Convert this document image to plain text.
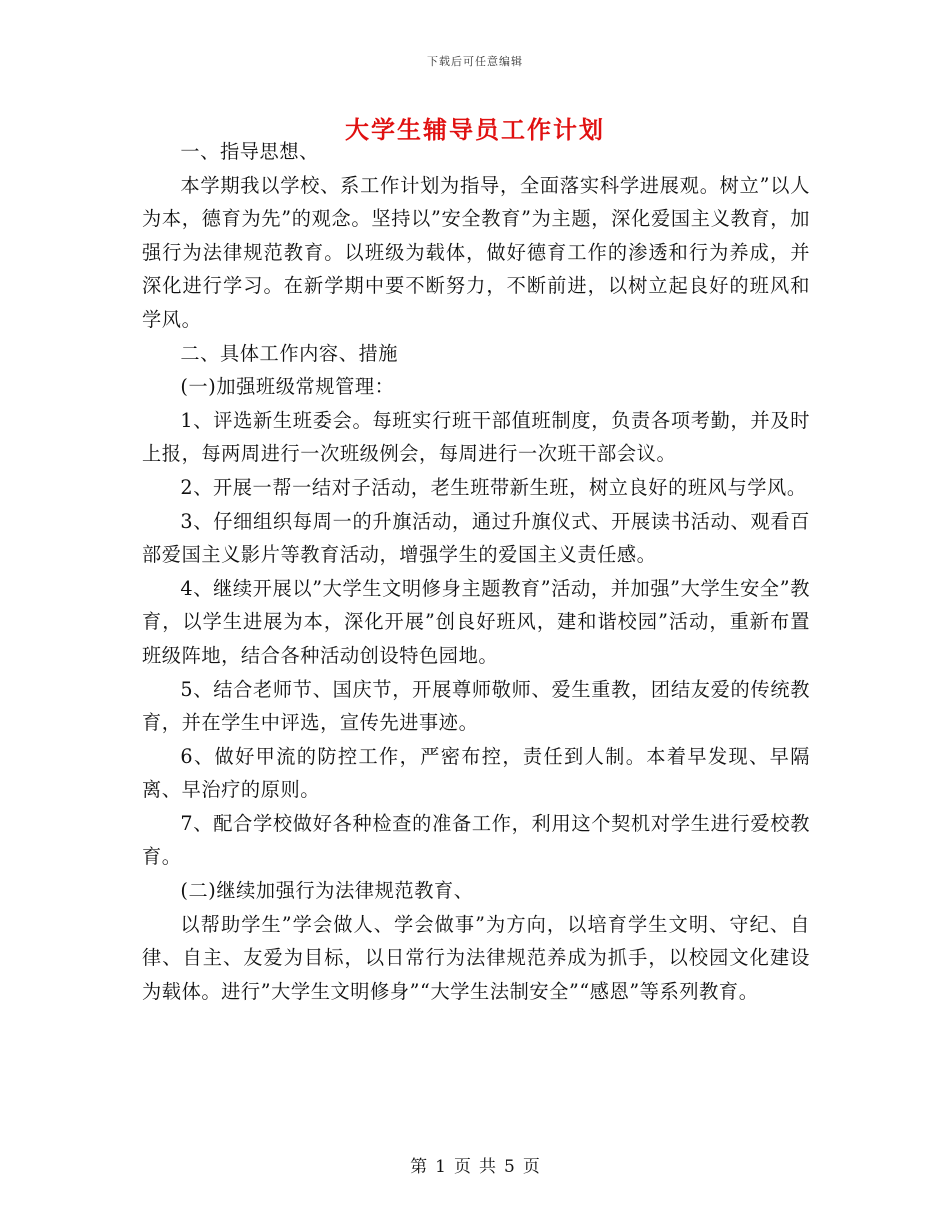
下载后可任意编辑
大学生辅导员工作计划

一、指导思想、

本学期我以学校、系工作计划为指导，全面落实科学进展观。树立”以人为本，德育为先”的观念。坚持以”安全教育”为主题，深化爱国主义教育，加强行为法律规范教育。以班级为载体，做好德育工作的渗透和行为养成，并深化进行学习。在新学期中要不断努力，不断前进，以树立起良好的班风和学风。

二、具体工作内容、措施

(一)加强班级常规管理：

1、评选新生班委会。每班实行班干部值班制度，负责各项考勤，并及时上报，每两周进行一次班级例会，每周进行一次班干部会议。

2、开展一帮一结对子活动，老生班带新生班，树立良好的班风与学风。

3、仔细组织每周一的升旗活动，通过升旗仪式、开展读书活动、观看百部爱国主义影片等教育活动，增强学生的爱国主义责任感。

4、继续开展以”大学生文明修身主题教育”活动，并加强”大学生安全”教育，以学生进展为本，深化开展”创良好班风，建和谐校园”活动，重新布置班级阵地，结合各种活动创设特色园地。

5、结合老师节、国庆节，开展尊师敬师、爱生重教，团结友爱的传统教育，并在学生中评选，宣传先进事迹。

6、做好甲流的防控工作，严密布控，责任到人制。本着早发现、早隔离、早治疗的原则。

7、配合学校做好各种检查的准备工作，利用这个契机对学生进行爱校教育。

(二)继续加强行为法律规范教育、

以帮助学生”学会做人、学会做事”为方向，以培育学生文明、守纪、自律、自主、友爱为目标，以日常行为法律规范养成为抓手，以校园文化建设为载体。进行”大学生文明修身”“大学生法制安全”“感恩”等系列教育。

第 1 页 共 5 页
